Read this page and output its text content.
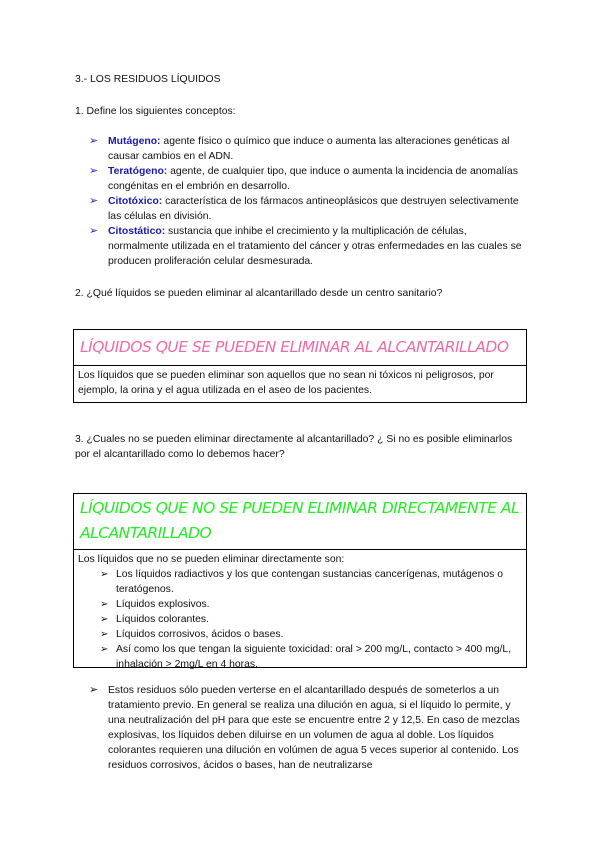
3.- LOS RESIDUOS LÍQUIDOS
1. Define los siguientes conceptos:
➢ Mutágeno: agente físico o químico que induce o aumenta las alteraciones genéticas al causar cambios en el ADN.
➢ Teratógeno: agente, de cualquier tipo, que induce o aumenta la incidencia de anomalías congénitas en el embrión en desarrollo.
➢ Citotóxico: característica de los fármacos antineoplásicos que destruyen selectivamente las células en división.
➢ Citostático: sustancia que inhibe el crecimiento y la multiplicación de células, normalmente utilizada en el tratamiento del cáncer y otras enfermedades en las cuales se producen proliferación celular desmesurada.
2. ¿Qué líquidos se pueden eliminar al alcantarillado desde un centro sanitario?
LÍQUIDOS QUE SE PUEDEN ELIMINAR AL ALCANTARILLADO
Los líquidos que se pueden eliminar son aquellos que no sean ni tóxicos ni peligrosos, por ejemplo, la orina y el agua utilizada en el aseo de los pacientes.
3. ¿Cuales no se pueden eliminar directamente al alcantarillado? ¿ Si no es posible eliminarlos por el alcantarillado como lo debemos hacer?
LÍQUIDOS QUE NO SE PUEDEN ELIMINAR DIRECTAMENTE AL ALCANTARILLADO
Los líquidos que no se pueden eliminar directamente son:
➢ Los líquidos radiactivos y los que contengan sustancias cancerígenas, mutágenos o teratógenos.
➢ Líquidos explosivos.
➢ Líquidos colorantes.
➢ Líquidos corrosivos, ácidos o bases.
➢ Así como los que tengan la siguiente toxicidad: oral > 200 mg/L, contacto > 400 mg/L, inhalación > 2mg/L en 4 horas.
➢ Estos residuos sólo pueden verterse en el alcantarillado después de someterlos a un tratamiento previo. En general se realiza una dilución en agua, si el líquido lo permite, y una neutralización del pH para que este se encuentre entre 2 y 12,5. En caso de mezclas explosivas, los líquidos deben diluirse en un volumen de agua al doble. Los líquidos colorantes requieren una dilución en volúmen de agua 5 veces superior al contenido. Los residuos corrosivos, ácidos o bases, han de neutralizarse
